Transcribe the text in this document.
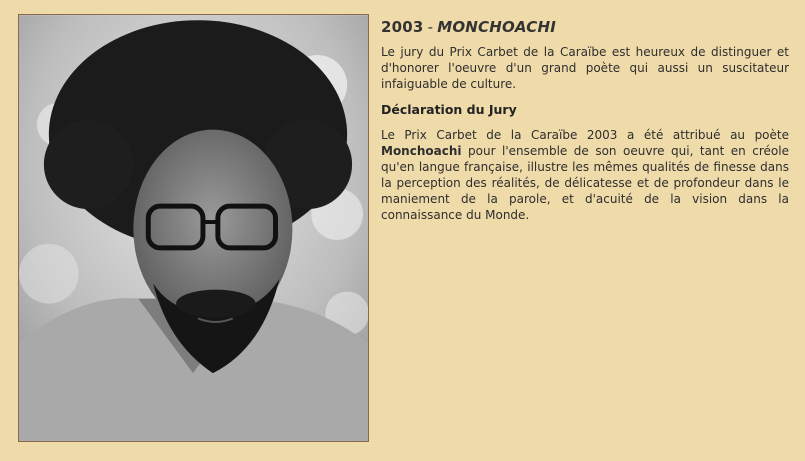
2003 - MONCHOACHI

Le jury du Prix Carbet de la Caraïbe est heureux de distinguer et d'honorer l'oeuvre d'un grand poète qui aussi un suscitateur infaiguable de culture.

Déclaration du Jury

Le Prix Carbet de la Caraïbe 2003 a été attribué au poète Monchoachi pour l'ensemble de son oeuvre qui, tant en créole qu'en langue française, illustre les mêmes qualités de finesse dans la perception des réalités, de délicatesse et de profondeur dans le maniement de la parole, et d'acuité de la vision dans la connaissance du Monde.
